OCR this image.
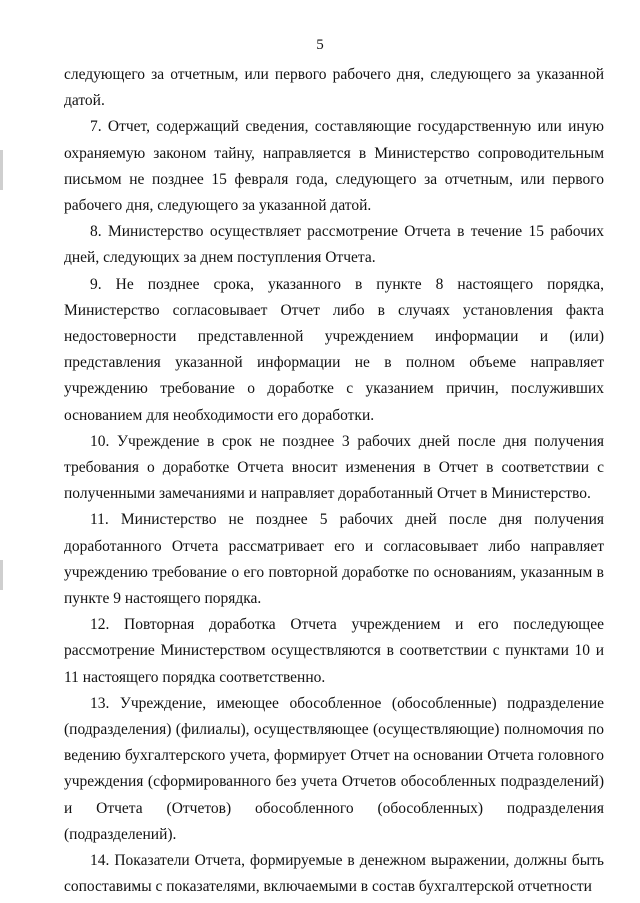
5

следующего за отчетным, или первого рабочего дня, следующего за указанной датой.

7. Отчет, содержащий сведения, составляющие государственную или иную охраняемую законом тайну, направляется в Министерство сопроводительным письмом не позднее 15 февраля года, следующего за отчетным, или первого рабочего дня, следующего за указанной датой.

8. Министерство осуществляет рассмотрение Отчета в течение 15 рабочих дней, следующих за днем поступления Отчета.

9. Не позднее срока, указанного в пункте 8 настоящего порядка, Министерство согласовывает Отчет либо в случаях установления факта недостоверности представленной учреждением информации и (или) представления указанной информации не в полном объеме направляет учреждению требование о доработке с указанием причин, послуживших основанием для необходимости его доработки.

10. Учреждение в срок не позднее 3 рабочих дней после дня получения требования о доработке Отчета вносит изменения в Отчет в соответствии с полученными замечаниями и направляет доработанный Отчет в Министерство.

11. Министерство не позднее 5 рабочих дней после дня получения доработанного Отчета рассматривает его и согласовывает либо направляет учреждению требование о его повторной доработке по основаниям, указанным в пункте 9 настоящего порядка.

12. Повторная доработка Отчета учреждением и его последующее рассмотрение Министерством осуществляются в соответствии с пунктами 10 и 11 настоящего порядка соответственно.

13. Учреждение, имеющее обособленное (обособленные) подразделение (подразделения) (филиалы), осуществляющее (осуществляющие) полномочия по ведению бухгалтерского учета, формирует Отчет на основании Отчета головного учреждения (сформированного без учета Отчетов обособленных подразделений) и Отчета (Отчетов) обособленного (обособленных) подразделения (подразделений).

14. Показатели Отчета, формируемые в денежном выражении, должны быть сопоставимы с показателями, включаемыми в состав бухгалтерской отчетности
